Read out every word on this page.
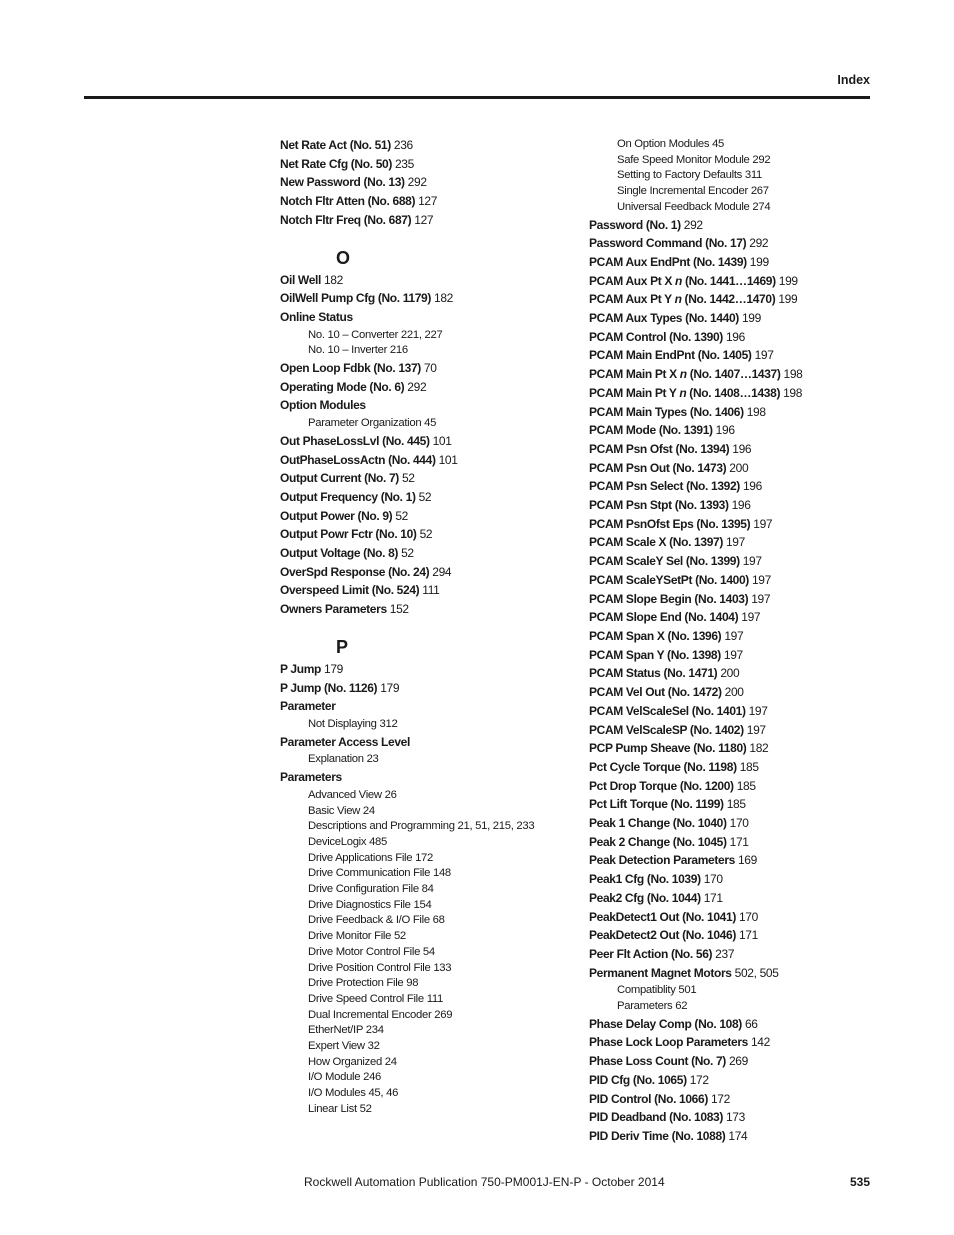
Index
Net Rate Act (No. 51) 236
Net Rate Cfg (No. 50) 235
New Password (No. 13) 292
Notch Fltr Atten (No. 688) 127
Notch Fltr Freq (No. 687) 127
O
Oil Well 182
OilWell Pump Cfg (No. 1179) 182
Online Status
No. 10 – Converter 221, 227
No. 10 – Inverter 216
Open Loop Fdbk (No. 137) 70
Operating Mode (No. 6) 292
Option Modules
Parameter Organization 45
Out PhaseLossLvl (No. 445) 101
OutPhaseLossActn (No. 444) 101
Output Current (No. 7) 52
Output Frequency (No. 1) 52
Output Power (No. 9) 52
Output Powr Fctr (No. 10) 52
Output Voltage (No. 8) 52
OverSpd Response (No. 24) 294
Overspeed Limit (No. 524) 111
Owners Parameters 152
P
P Jump 179
P Jump (No. 1126) 179
Parameter
Not Displaying 312
Parameter Access Level
Explanation 23
Parameters
Advanced View 26
Basic View 24
Descriptions and Programming 21, 51, 215, 233
DeviceLogix 485
Drive Applications File 172
Drive Communication File 148
Drive Configuration File 84
Drive Diagnostics File 154
Drive Feedback & I/O File 68
Drive Monitor File 52
Drive Motor Control File 54
Drive Position Control File 133
Drive Protection File 98
Drive Speed Control File 111
Dual Incremental Encoder 269
EtherNet/IP 234
Expert View 32
How Organized 24
I/O Module 246
I/O Modules 45, 46
Linear List 52
On Option Modules 45
Safe Speed Monitor Module 292
Setting to Factory Defaults 311
Single Incremental Encoder 267
Universal Feedback Module 274
Password (No. 1) 292
Password Command (No. 17) 292
PCAM Aux EndPnt (No. 1439) 199
PCAM Aux Pt X n (No. 1441…1469) 199
PCAM Aux Pt Y n (No. 1442…1470) 199
PCAM Aux Types (No. 1440) 199
PCAM Control (No. 1390) 196
PCAM Main EndPnt (No. 1405) 197
PCAM Main Pt X n (No. 1407…1437) 198
PCAM Main Pt Y n (No. 1408…1438) 198
PCAM Main Types (No. 1406) 198
PCAM Mode (No. 1391) 196
PCAM Psn Ofst (No. 1394) 196
PCAM Psn Out (No. 1473) 200
PCAM Psn Select (No. 1392) 196
PCAM Psn Stpt (No. 1393) 196
PCAM PsnOfst Eps (No. 1395) 197
PCAM Scale X (No. 1397) 197
PCAM ScaleY Sel (No. 1399) 197
PCAM ScaleYSetPt (No. 1400) 197
PCAM Slope Begin (No. 1403) 197
PCAM Slope End (No. 1404) 197
PCAM Span X (No. 1396) 197
PCAM Span Y (No. 1398) 197
PCAM Status (No. 1471) 200
PCAM Vel Out (No. 1472) 200
PCAM VelScaleSel (No. 1401) 197
PCAM VelScaleSP (No. 1402) 197
PCP Pump Sheave (No. 1180) 182
Pct Cycle Torque (No. 1198) 185
Pct Drop Torque (No. 1200) 185
Pct Lift Torque (No. 1199) 185
Peak 1 Change (No. 1040) 170
Peak 2 Change (No. 1045) 171
Peak Detection Parameters 169
Peak1 Cfg (No. 1039) 170
Peak2 Cfg (No. 1044) 171
PeakDetect1 Out (No. 1041) 170
PeakDetect2 Out (No. 1046) 171
Peer Flt Action (No. 56) 237
Permanent Magnet Motors 502, 505
Compatiblity 501
Parameters 62
Phase Delay Comp (No. 108) 66
Phase Lock Loop Parameters 142
Phase Loss Count (No. 7) 269
PID Cfg (No. 1065) 172
PID Control (No. 1066) 172
PID Deadband (No. 1083) 173
PID Deriv Time (No. 1088) 174
Rockwell Automation Publication 750-PM001J-EN-P - October 2014	535
